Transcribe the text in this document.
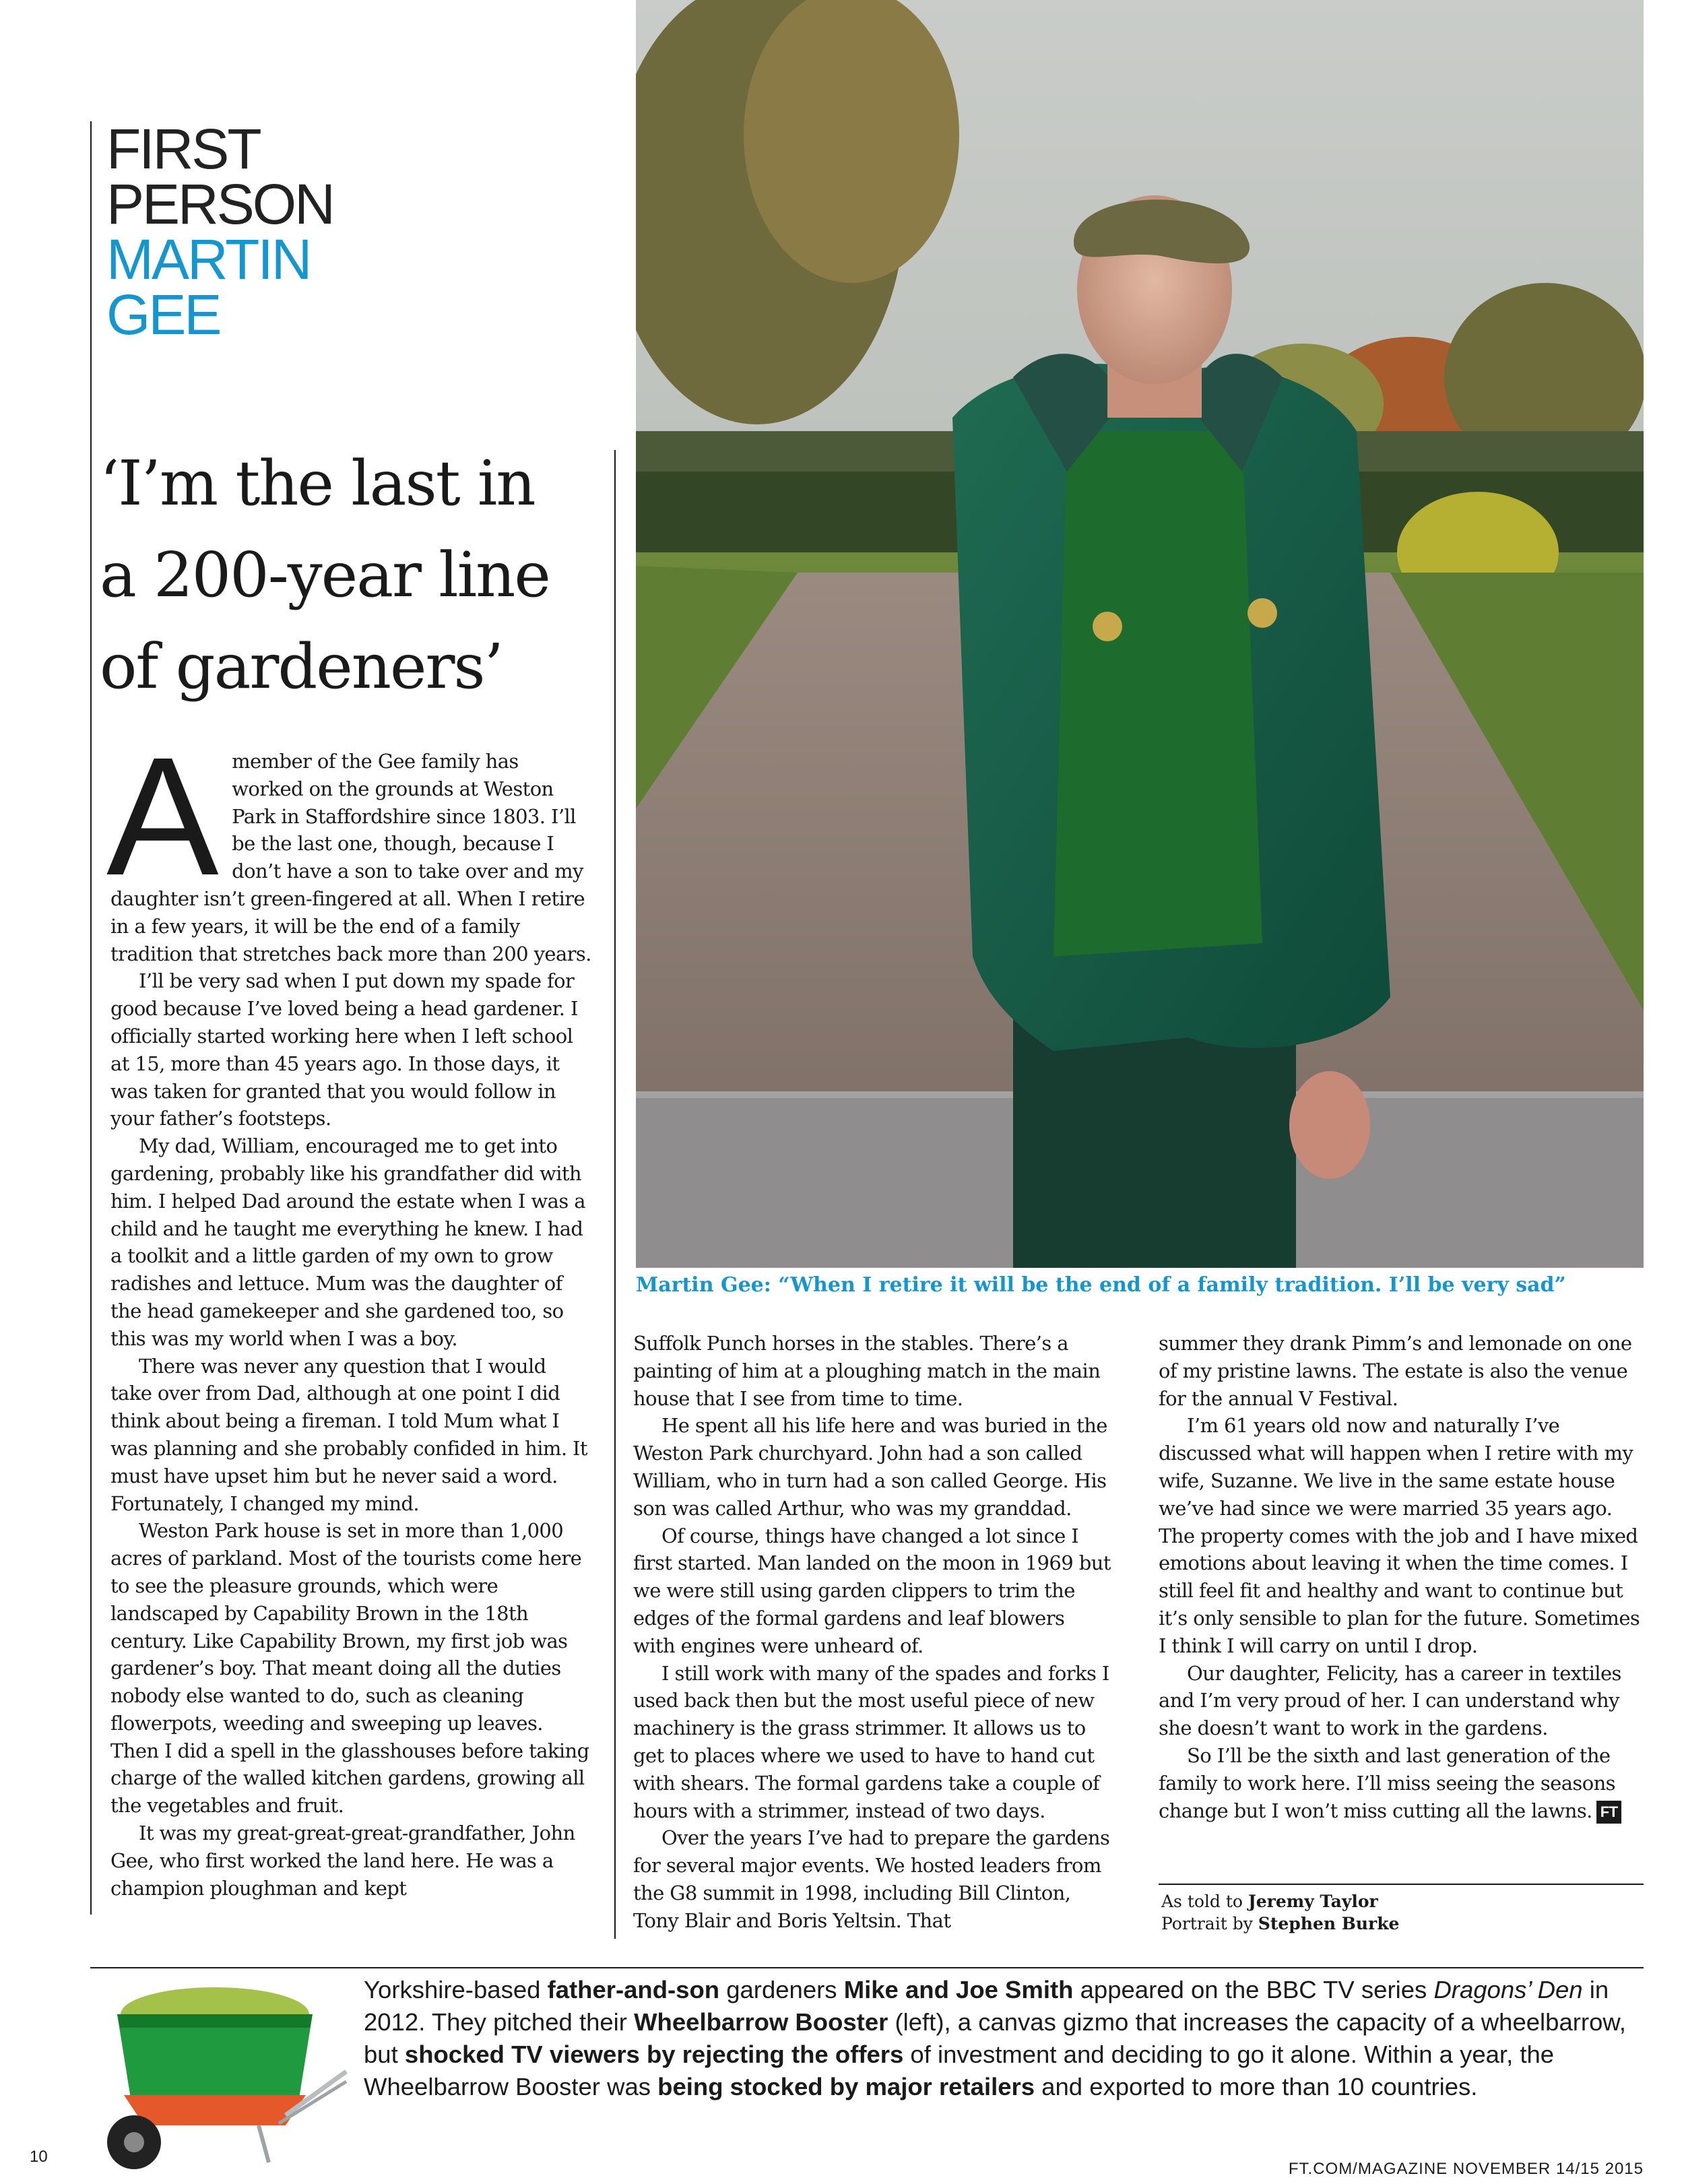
FIRST

PERSON

MARTIN

GEE

‘I’m the last in
a 200-year line
of gardeners’
Martin Gee: “When I retire it will be the end of a family tradition. I’ll be very sad”

Amember of the Gee family has worked on the grounds at Weston Park in Staffordshire since 1803. I’ll be the last one, though, because I don’t have a son to take over and my daughter isn’t green-fingered at all. When I retire in a few years, it will be the end of a family tradition that stretches back more than 200 years.

I’ll be very sad when I put down my spade for good because I’ve loved being a head gardener. I officially started working here when I left school at 15, more than 45 years ago. In those days, it was taken for granted that you would follow in your father’s footsteps.

My dad, William, encouraged me to get into gardening, probably like his grandfather did with him. I helped Dad around the estate when I was a child and he taught me everything he knew. I had a toolkit and a little garden of my own to grow radishes and lettuce. Mum was the daughter of the head gamekeeper and she gardened too, so this was my world when I was a boy.

There was never any question that I would take over from Dad, although at one point I did think about being a fireman. I told Mum what I was planning and she probably confided in him. It must have upset him but he never said a word. Fortunately, I changed my mind.

Weston Park house is set in more than 1,000 acres of parkland. Most of the tourists come here to see the pleasure grounds, which were landscaped by Capability Brown in the 18th century. Like Capability Brown, my first job was gardener’s boy. That meant doing all the duties nobody else wanted to do, such as cleaning flowerpots, weeding and sweeping up leaves. Then I did a spell in the glasshouses before taking charge of the walled kitchen gardens, growing all the vegetables and fruit.

It was my great-great-great-grandfather, John Gee, who first worked the land here. He was a champion ploughman and kept

Suffolk Punch horses in the stables. There’s a painting of him at a ploughing match in the main house that I see from time to time.

He spent all his life here and was buried in the Weston Park churchyard. John had a son called William, who in turn had a son called George. His son was called Arthur, who was my granddad.

Of course, things have changed a lot since I first started. Man landed on the moon in 1969 but we were still using garden clippers to trim the edges of the formal gardens and leaf blowers with engines were unheard of.

I still work with many of the spades and forks I used back then but the most useful piece of new machinery is the grass strimmer. It allows us to get to places where we used to have to hand cut with shears. The formal gardens take a couple of hours with a strimmer, instead of two days.

Over the years I’ve had to prepare the gardens for several major events. We hosted leaders from the G8 summit in 1998, including Bill Clinton, Tony Blair and Boris Yeltsin. That

summer they drank Pimm’s and lemonade on one of my pristine lawns. The estate is also the venue for the annual V Festival.

I’m 61 years old now and naturally I’ve discussed what will happen when I retire with my wife, Suzanne. We live in the same estate house we’ve had since we were married 35 years ago. The property comes with the job and I have mixed emotions about leaving it when the time comes. I still feel fit and healthy and want to continue but it’s only sensible to plan for the future. Sometimes I think I will carry on until I drop.

Our daughter, Felicity, has a career in textiles and I’m very proud of her. I can understand why she doesn’t want to work in the gardens.

So I’ll be the sixth and last generation of the family to work here. I’ll miss seeing the seasons change but I won’t miss cutting all the lawns. FT

As told to Jeremy Taylor
Portrait by Stephen Burke
Yorkshire-based father-and-son gardeners Mike and Joe Smith appeared on the BBC TV series Dragons’ Den in 2012. They pitched their Wheelbarrow Booster (left), a canvas gizmo that increases the capacity of a wheelbarrow, but shocked TV viewers by rejecting the offers of investment and deciding to go it alone. Within a year, the Wheelbarrow Booster was being stocked by major retailers and exported to more than 10 countries.
10
FT.COM/MAGAZINE NOVEMBER 14/15 2015
